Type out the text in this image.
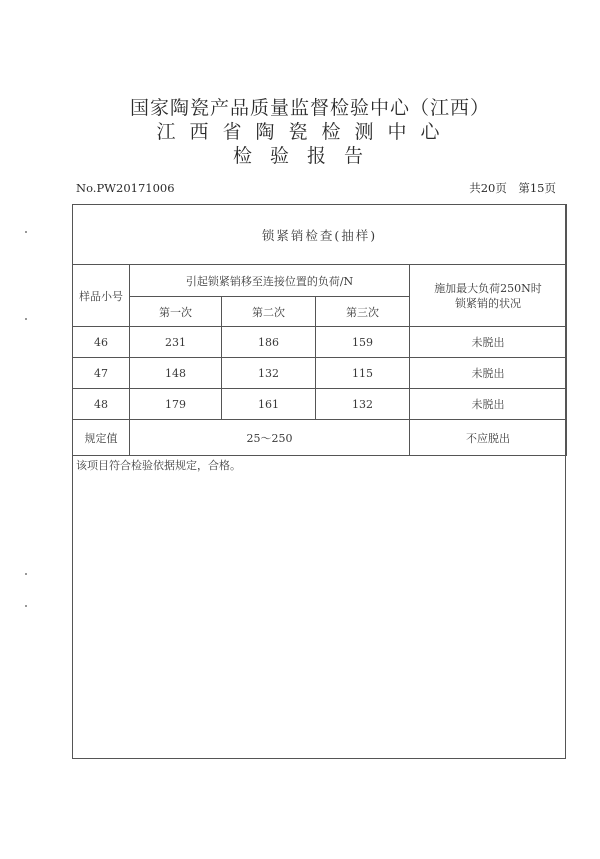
国家陶瓷产品质量监督检验中心（江西）
江西省陶瓷检测中心
检验报告
No.PW20171006	共20页　第15页
锁紧销检查(抽样)				
样品小号	引起锁紧销移至连接位置的负荷/N			施加最大负荷250N时锁紧销的状况

	第一次	第二次	第三次	
46	231	186	159	未脱出
47	148	132	115	未脱出
48	179	161	132	未脱出
规定值	25～250			不应脱出
该项目符合检验依据规定，合格。
